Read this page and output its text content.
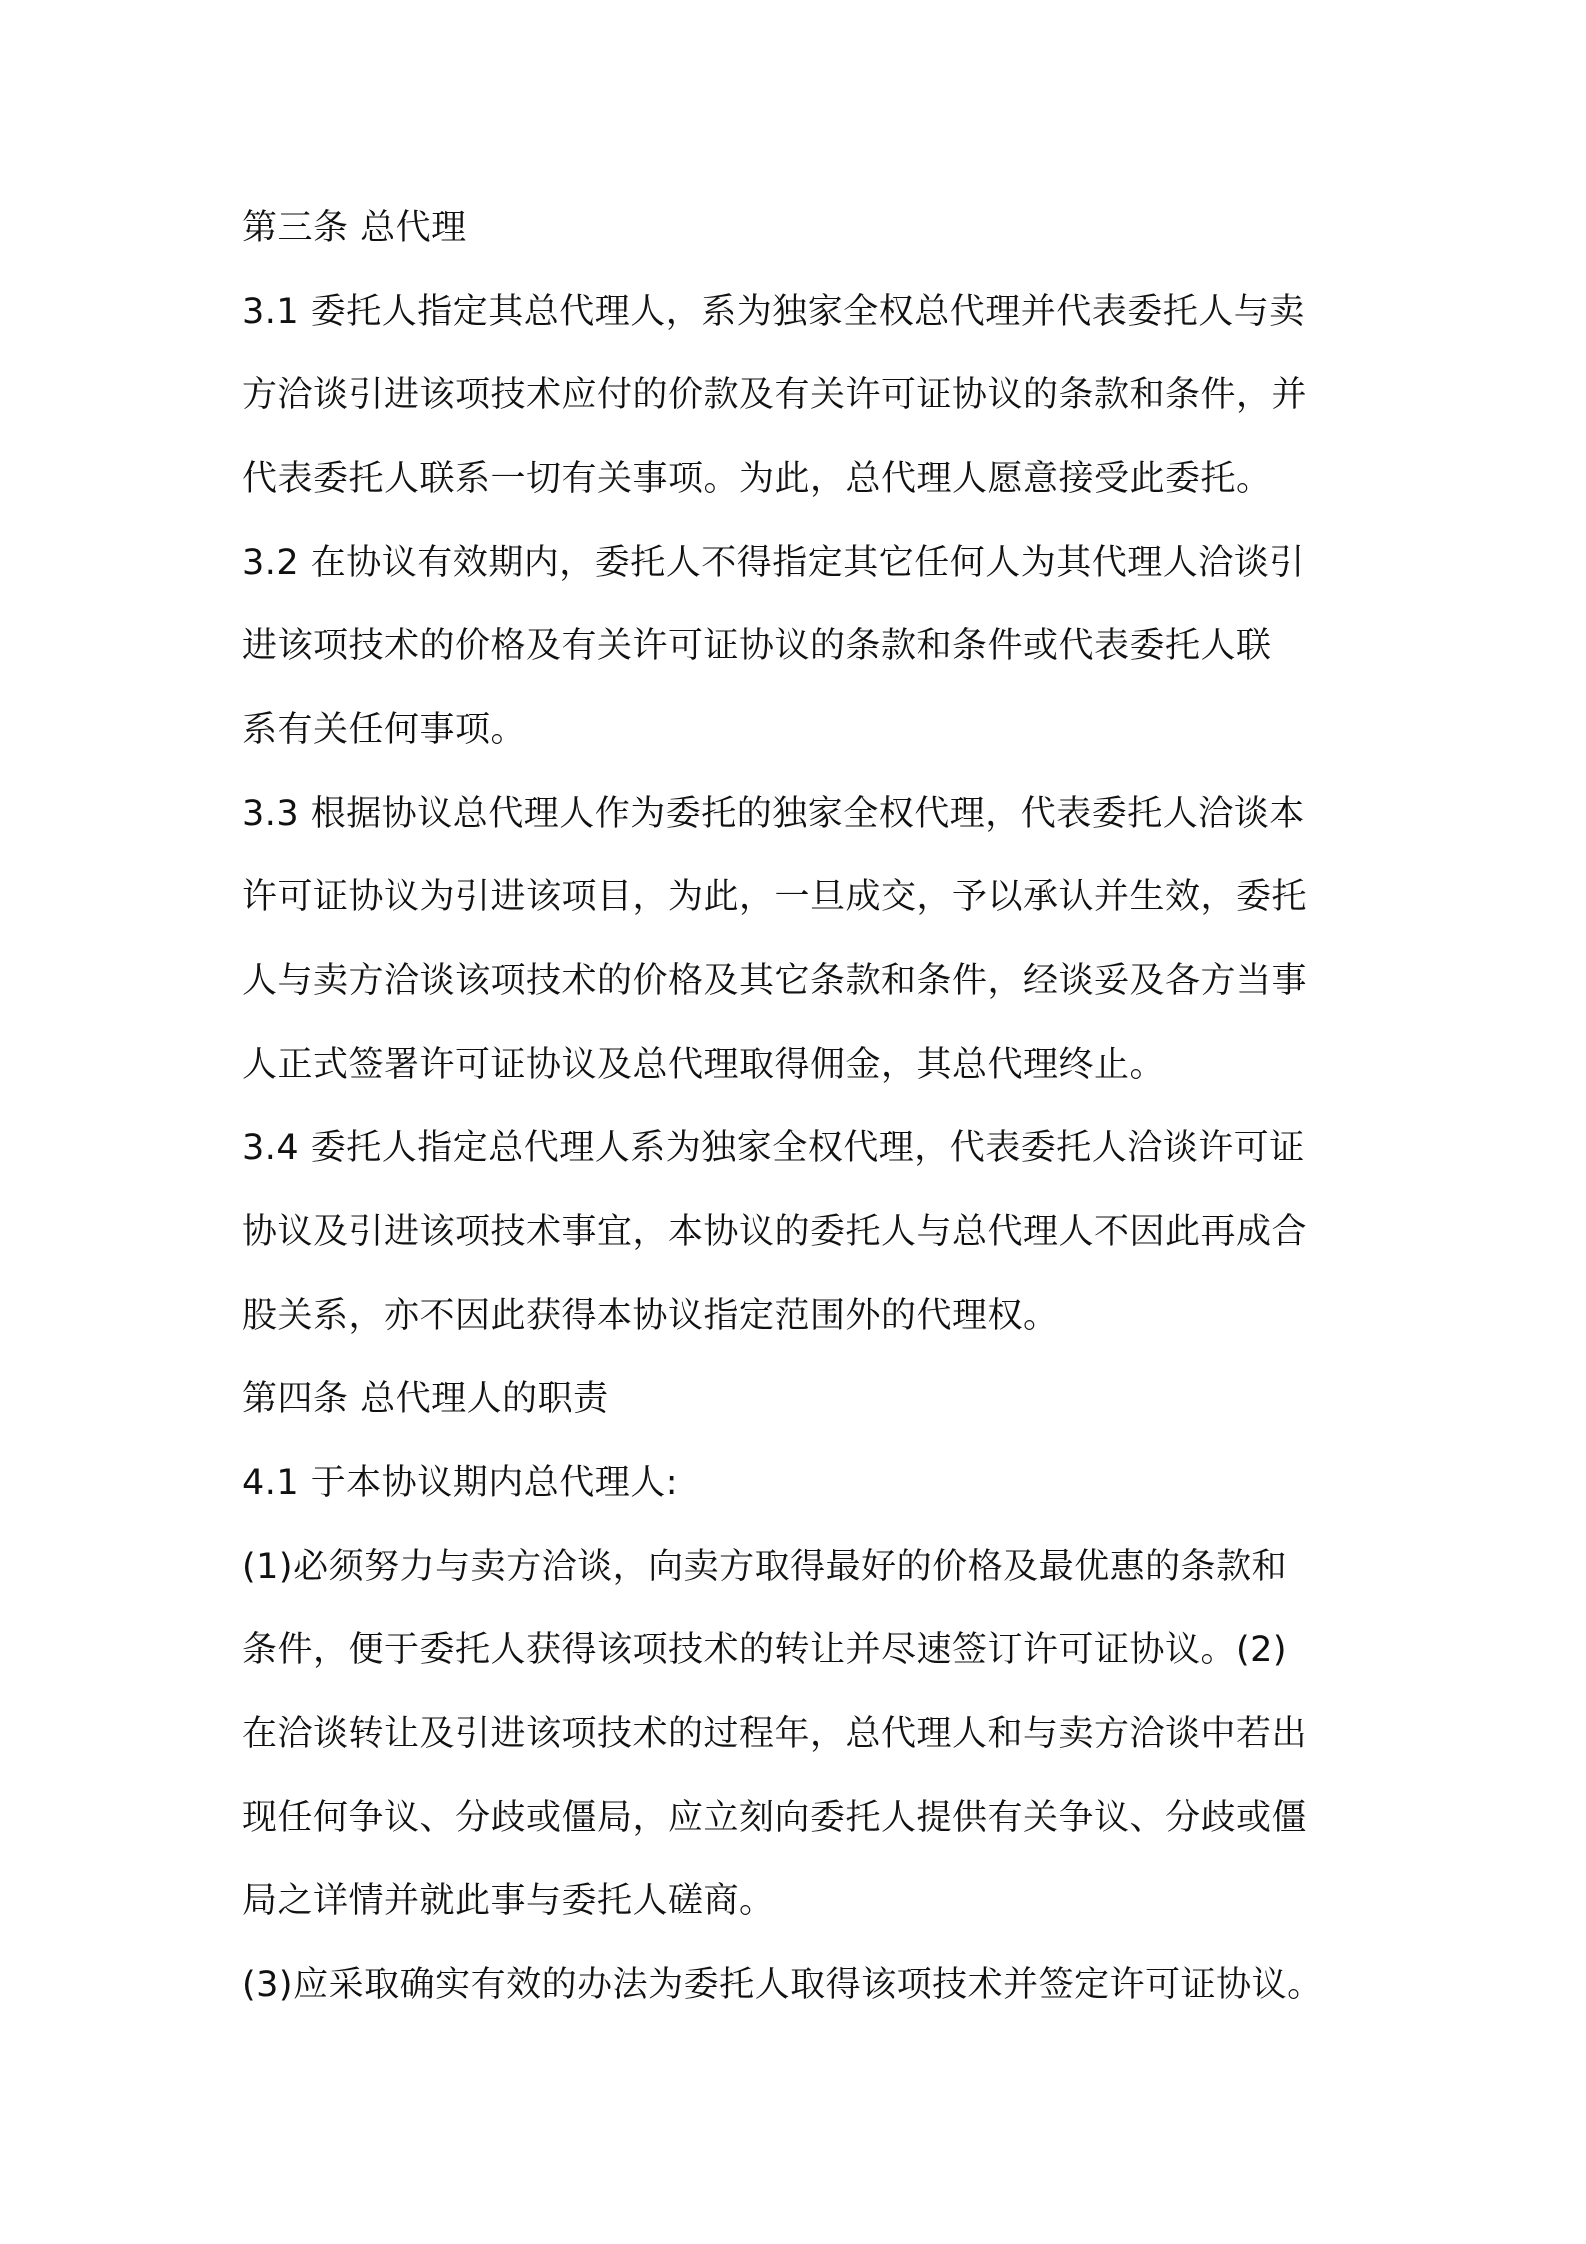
第三条 总代理

3.1 委托人指定其总代理人，系为独家全权总代理并代表委托人与卖

方洽谈引进该项技术应付的价款及有关许可证协议的条款和条件，并

代表委托人联系一切有关事项。为此，总代理人愿意接受此委托。

3.2 在协议有效期内，委托人不得指定其它任何人为其代理人洽谈引

进该项技术的价格及有关许可证协议的条款和条件或代表委托人联

系有关任何事项。

3.3 根据协议总代理人作为委托的独家全权代理，代表委托人洽谈本

许可证协议为引进该项目，为此，一旦成交，予以承认并生效，委托

人与卖方洽谈该项技术的价格及其它条款和条件，经谈妥及各方当事

人正式签署许可证协议及总代理取得佣金，其总代理终止。

3.4 委托人指定总代理人系为独家全权代理，代表委托人洽谈许可证

协议及引进该项技术事宜，本协议的委托人与总代理人不因此再成合

股关系，亦不因此获得本协议指定范围外的代理权。

第四条 总代理人的职责

4.1 于本协议期内总代理人:

(1)必须努力与卖方洽谈，向卖方取得最好的价格及最优惠的条款和

条件，便于委托人获得该项技术的转让并尽速签订许可证协议。(2)

在洽谈转让及引进该项技术的过程年，总代理人和与卖方洽谈中若出

现任何争议、分歧或僵局，应立刻向委托人提供有关争议、分歧或僵

局之详情并就此事与委托人磋商。

(3)应采取确实有效的办法为委托人取得该项技术并签定许可证协议。
